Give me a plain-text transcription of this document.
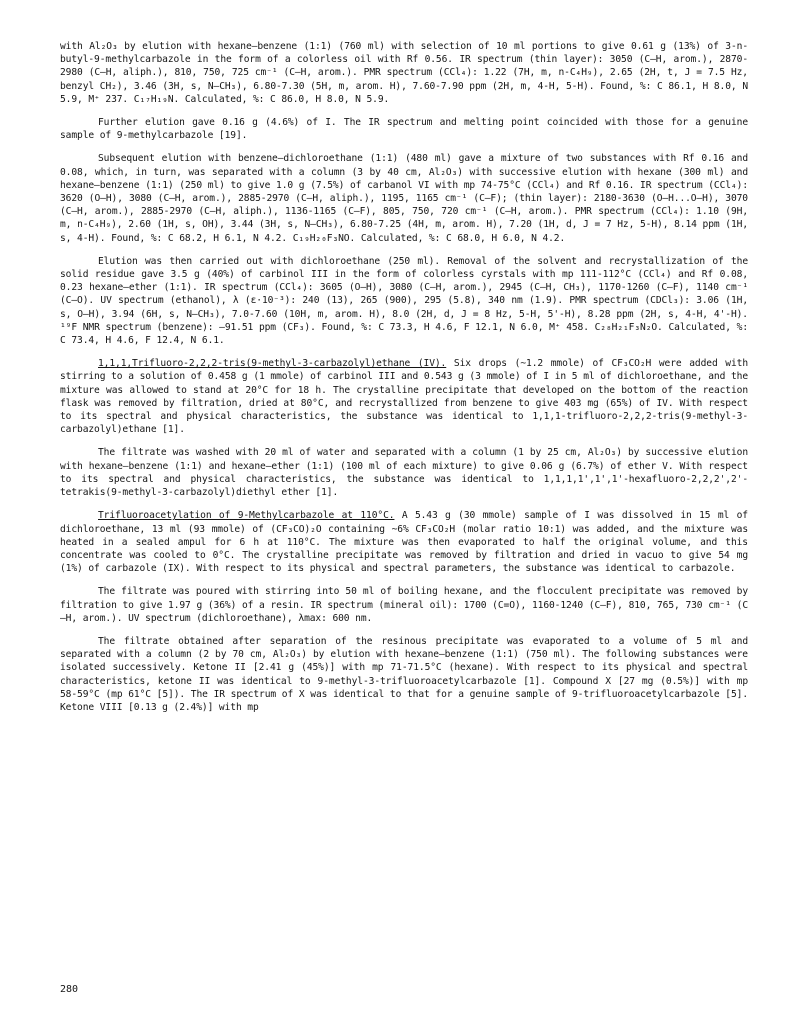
with Al₂O₃ by elution with hexane—benzene (1:1) (760 ml) with selection of 10 ml portions to give 0.61 g (13%) of 3-n-butyl-9-methylcarbazole in the form of a colorless oil with Rf 0.56. IR spectrum (thin layer): 3050 (C—H, arom.), 2870-2980 (C—H, aliph.), 810, 750, 725 cm⁻¹ (C—H, arom.). PMR spectrum (CCl₄): 1.22 (7H, m, n-C₄H₉), 2.65 (2H, t, J = 7.5 Hz, benzyl CH₂), 3.46 (3H, s, N—CH₃), 6.80-7.30 (5H, m, arom. H), 7.60-7.90 ppm (2H, m, 4-H, 5-H). Found, %: C 86.1, H 8.0, N 5.9, M⁺ 237. C₁₇H₁₉N. Calculated, %: C 86.0, H 8.0, N 5.9.

Further elution gave 0.16 g (4.6%) of I. The IR spectrum and melting point coincided with those for a genuine sample of 9-methylcarbazole [19].

Subsequent elution with benzene—dichloroethane (1:1) (480 ml) gave a mixture of two substances with Rf 0.16 and 0.08, which, in turn, was separated with a column (3 by 40 cm, Al₂O₃) with successive elution with hexane (300 ml) and hexane—benzene (1:1) (250 ml) to give 1.0 g (7.5%) of carbanol VI with mp 74-75°C (CCl₄) and Rf 0.16. IR spectrum (CCl₄): 3620 (O—H), 3080 (C—H, arom.), 2885-2970 (C—H, aliph.), 1195, 1165 cm⁻¹ (C—F); (thin layer): 2180-3630 (O—H...O—H), 3070 (C—H, arom.), 2885-2970 (C—H, aliph.), 1136-1165 (C—F), 805, 750, 720 cm⁻¹ (C—H, arom.). PMR spectrum (CCl₄): 1.10 (9H, m, n-C₄H₉), 2.60 (1H, s, OH), 3.44 (3H, s, N—CH₃), 6.80-7.25 (4H, m, arom. H), 7.20 (1H, d, J = 7 Hz, 5-H), 8.14 ppm (1H, s, 4-H). Found, %: C 68.2, H 6.1, N 4.2. C₁₉H₂₀F₃NO. Calculated, %: C 68.0, H 6.0, N 4.2.

Elution was then carried out with dichloroethane (250 ml). Removal of the solvent and recrystallization of the solid residue gave 3.5 g (40%) of carbinol III in the form of colorless cyrstals with mp 111-112°C (CCl₄) and Rf 0.08, 0.23 hexane—ether (1:1). IR spectrum (CCl₄): 3605 (O—H), 3080 (C—H, arom.), 2945 (C—H, CH₃), 1170-1260 (C—F), 1140 cm⁻¹ (C—O). UV spectrum (ethanol), λ (ε·10⁻³): 240 (13), 265 (900), 295 (5.8), 340 nm (1.9). PMR spectrum (CDCl₃): 3.06 (1H, s, O—H), 3.94 (6H, s, N—CH₃), 7.0-7.60 (10H, m, arom. H), 8.0 (2H, d, J = 8 Hz, 5-H, 5'-H), 8.28 ppm (2H, s, 4-H, 4'-H). ¹⁹F NMR spectrum (benzene): —91.51 ppm (CF₃). Found, %: C 73.3, H 4.6, F 12.1, N 6.0, M⁺ 458. C₂₈H₂₁F₃N₂O. Calculated, %: C 73.4, H 4.6, F 12.4, N 6.1.

1,1,1,Trifluoro-2,2,2-tris(9-methyl-3-carbazolyl)ethane (IV). Six drops (~1.2 mmole) of CF₃CO₂H were added with stirring to a solution of 0.458 g (1 mmole) of carbinol III and 0.543 g (3 mmole) of I in 5 ml of dichloroethane, and the mixture was allowed to stand at 20°C for 18 h. The crystalline precipitate that developed on the bottom of the reaction flask was removed by filtration, dried at 80°C, and recrystallized from benzene to give 403 mg (65%) of IV. With respect to its spectral and physical characteristics, the substance was identical to 1,1,1-trifluoro-2,2,2-tris(9-methyl-3-carbazolyl)ethane [1].

The filtrate was washed with 20 ml of water and separated with a column (1 by 25 cm, Al₂O₃) by successive elution with hexane—benzene (1:1) and hexane—ether (1:1) (100 ml of each mixture) to give 0.06 g (6.7%) of ether V. With respect to its spectral and physical characteristics, the substance was identical to 1,1,1,1',1',1'-hexafluoro-2,2,2',2'-tetrakis(9-methyl-3-carbazolyl)diethyl ether [1].

Trifluoroacetylation of 9-Methylcarbazole at 110°C. A 5.43 g (30 mmole) sample of I was dissolved in 15 ml of dichloroethane, 13 ml (93 mmole) of (CF₃CO)₂O containing ~6% CF₃CO₂H (molar ratio 10:1) was added, and the mixture was heated in a sealed ampul for 6 h at 110°C. The mixture was then evaporated to half the original volume, and this concentrate was cooled to 0°C. The crystalline precipitate was removed by filtration and dried in vacuo to give 54 mg (1%) of carbazole (IX). With respect to its physical and spectral parameters, the substance was identical to carbazole.

The filtrate was poured with stirring into 50 ml of boiling hexane, and the flocculent precipitate was removed by filtration to give 1.97 g (36%) of a resin. IR spectrum (mineral oil): 1700 (C=O), 1160-1240 (C—F), 810, 765, 730 cm⁻¹ (C—H, arom.). UV spectrum (dichloroethane), λmax: 600 nm.

The filtrate obtained after separation of the resinous precipitate was evaporated to a volume of 5 ml and separated with a column (2 by 70 cm, Al₂O₃) by elution with hexane—benzene (1:1) (750 ml). The following substances were isolated successively. Ketone II [2.41 g (45%)] with mp 71-71.5°C (hexane). With respect to its physical and spectral characteristics, ketone II was identical to 9-methyl-3-trifluoroacetylcarbazole [1]. Compound X [27 mg (0.5%)] with mp 58-59°C (mp 61°C [5]). The IR spectrum of X was identical to that for a genuine sample of 9-trifluoroacetylcarbazole [5]. Ketone VIII [0.13 g (2.4%)] with mp

280
